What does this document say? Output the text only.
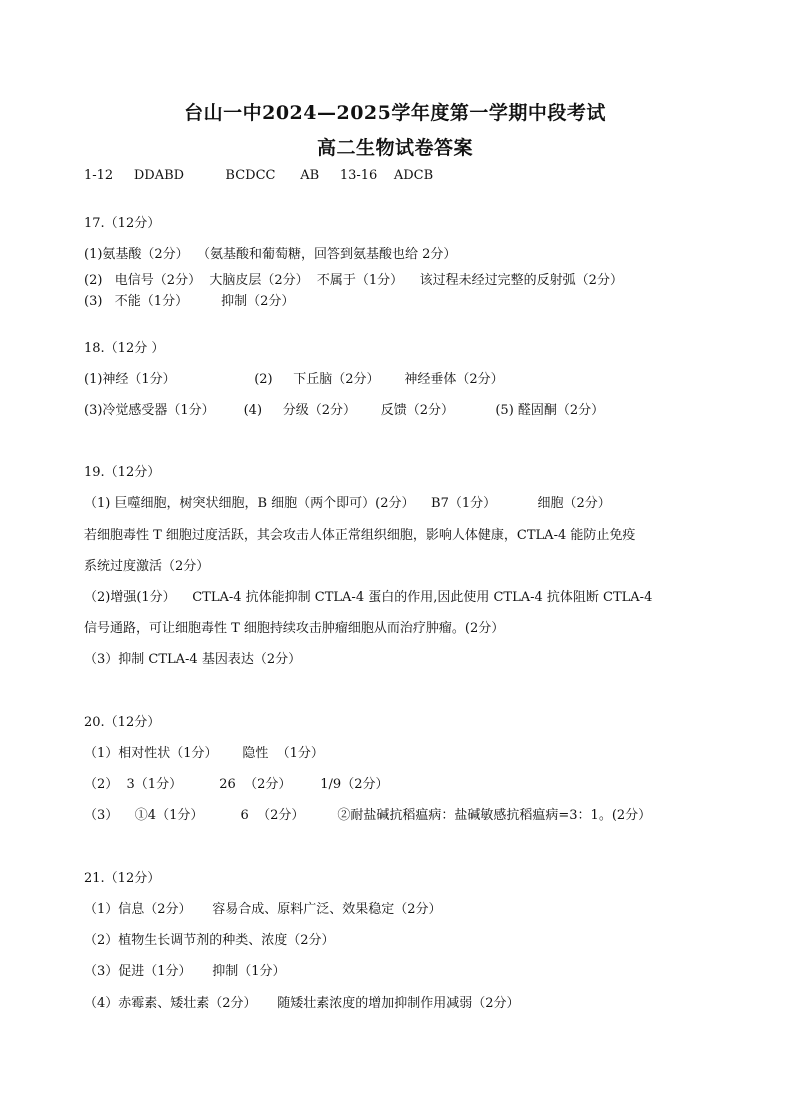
台山一中2024—2025学年度第一学期中段考试
高二生物试卷答案
1-12     DDABD          BCDCC      AB     13-16    ADCB
17.（12分）
(1)氨基酸（2分）  （氨基酸和葡萄糖，回答到氨基酸也给 2分）
(2)   电信号（2分）  大脑皮层（2分）  不属于（1分）    该过程未经过完整的反射弧（2分）
(3)   不能（1分）        抑制（2分）
18.（12分 ）
(1)神经（1分）                   (2)     下丘脑（2分）      神经垂体（2分）
(3)冷觉感受器（1分）       (4)     分级（2分）      反馈（2分）          (5) 醛固酮（2分）
19.（12分）
（1) 巨噬细胞，树突状细胞，B 细胞（两个即可）(2分）    B7（1分）          细胞（2分）
若细胞毒性 T 细胞过度活跃，其会攻击人体正常组织细胞，影响人体健康，CTLA-4 能防止免疫
系统过度激活（2分）
（2)增强(1分）    CTLA-4 抗体能抑制 CTLA-4 蛋白的作用,因此使用 CTLA-4 抗体阻断 CTLA-4
信号通路，可让细胞毒性 T 细胞持续攻击肿瘤细胞从而治疗肿瘤。(2分）
（3）抑制 CTLA-4 基因表达（2分）
20.（12分）
（1）相对性状（1分）      隐性  （1分）
（2）  3（1分）         26  （2分）       1/9（2分）
（3）    ①4（1分）         6  （2分）        ②耐盐碱抗稻瘟病：盐碱敏感抗稻瘟病=3：1。(2分）
21.（12分）
（1）信息（2分）     容易合成、原料广泛、效果稳定（2分）
（2）植物生长调节剂的种类、浓度（2分）
（3）促进（1分）     抑制（1分）
（4）赤霉素、矮壮素（2分）     随矮壮素浓度的增加抑制作用减弱（2分）
